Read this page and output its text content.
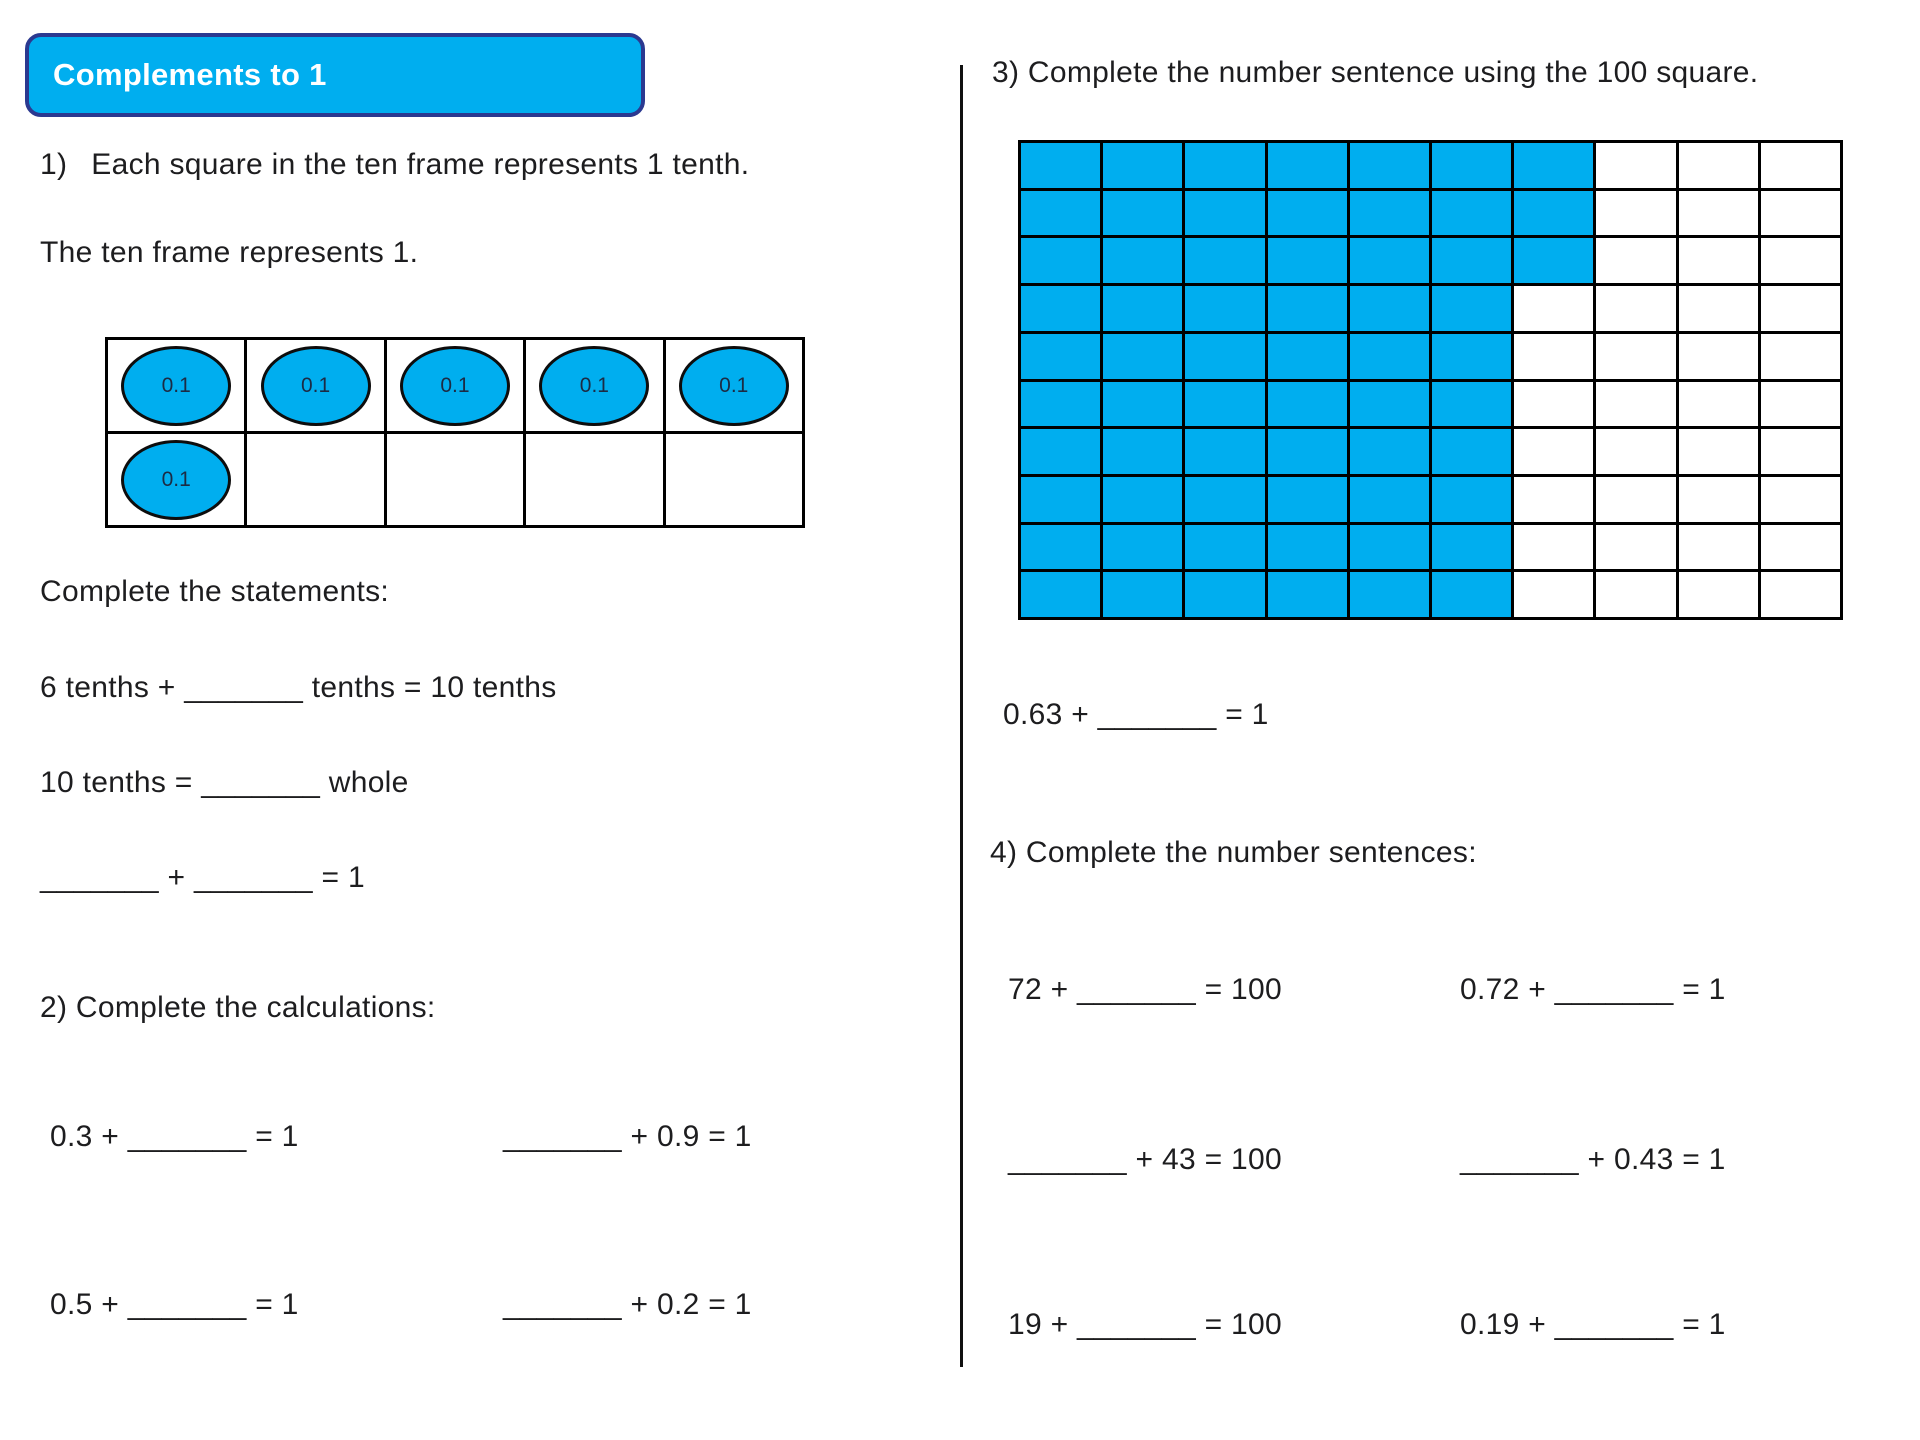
Complements to 1
1) Each square in the ten frame represents 1 tenth.
The ten frame represents 1.
0.1	0.1	0.1	0.1	0.1
0.1
Complete the statements:
6 tenths + _______ tenths = 10 tenths
10 tenths = _______ whole
_______ + _______ = 1
2) Complete the calculations:
0.3 + _______ = 1	_______ + 0.9 = 1
0.5 + _______ = 1	_______ + 0.2 = 1
3) Complete the number sentence using the 100 square.
0.63 + _______ = 1
4) Complete the number sentences:
72 + _______ = 100	0.72 + _______ = 1
_______ + 43 = 100	_______ + 0.43 = 1
19 + _______ = 100	0.19 + _______ = 1
